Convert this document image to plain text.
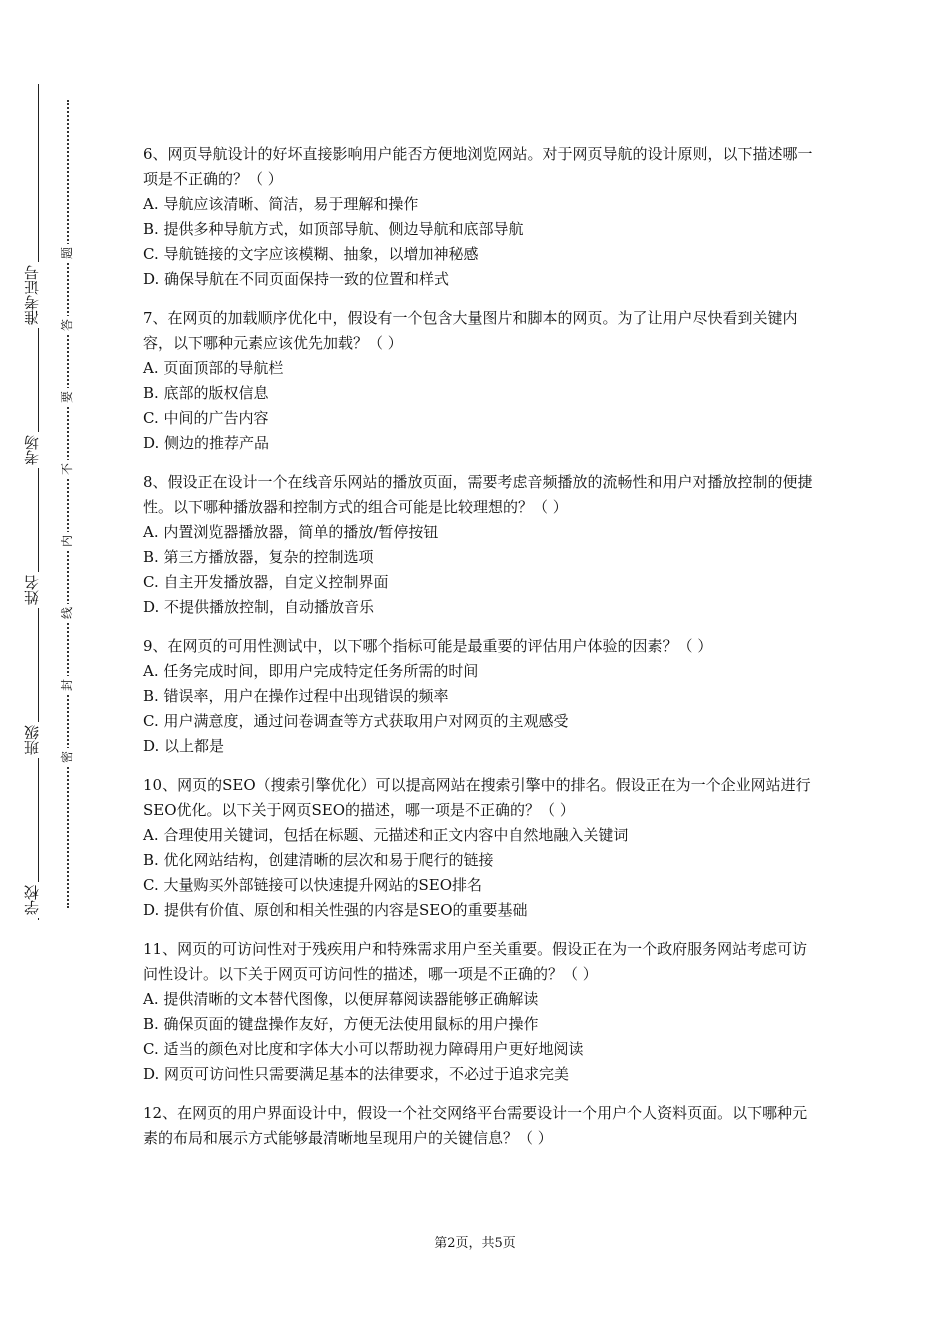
准考证号
考场
姓名
班级
学校
题
答
要
不
内
线
封
密

6、网页导航设计的好坏直接影响用户能否方便地浏览网站。对于网页导航的设计原则，以下描述哪一项是不正确的？（ ）

A. 导航应该清晰、简洁，易于理解和操作

B. 提供多种导航方式，如顶部导航、侧边导航和底部导航

C. 导航链接的文字应该模糊、抽象，以增加神秘感

D. 确保导航在不同页面保持一致的位置和样式

7、在网页的加载顺序优化中，假设有一个包含大量图片和脚本的网页。为了让用户尽快看到关键内容，以下哪种元素应该优先加载？（ ）

A. 页面顶部的导航栏

B. 底部的版权信息

C. 中间的广告内容

D. 侧边的推荐产品

8、假设正在设计一个在线音乐网站的播放页面，需要考虑音频播放的流畅性和用户对播放控制的便捷性。以下哪种播放器和控制方式的组合可能是比较理想的？（ ）

A. 内置浏览器播放器，简单的播放/暂停按钮

B. 第三方播放器，复杂的控制选项

C. 自主开发播放器，自定义控制界面

D. 不提供播放控制，自动播放音乐

9、在网页的可用性测试中，以下哪个指标可能是最重要的评估用户体验的因素？（ ）

A. 任务完成时间，即用户完成特定任务所需的时间

B. 错误率，用户在操作过程中出现错误的频率

C. 用户满意度，通过问卷调查等方式获取用户对网页的主观感受

D. 以上都是

10、网页的SEO（搜索引擎优化）可以提高网站在搜索引擎中的排名。假设正在为一个企业网站进行SEO优化。以下关于网页SEO的描述，哪一项是不正确的？（ ）

A. 合理使用关键词，包括在标题、元描述和正文内容中自然地融入关键词

B. 优化网站结构，创建清晰的层次和易于爬行的链接

C. 大量购买外部链接可以快速提升网站的SEO排名

D. 提供有价值、原创和相关性强的内容是SEO的重要基础

11、网页的可访问性对于残疾用户和特殊需求用户至关重要。假设正在为一个政府服务网站考虑可访问性设计。以下关于网页可访问性的描述，哪一项是不正确的？（ ）

A. 提供清晰的文本替代图像，以便屏幕阅读器能够正确解读

B. 确保页面的键盘操作友好，方便无法使用鼠标的用户操作

C. 适当的颜色对比度和字体大小可以帮助视力障碍用户更好地阅读

D. 网页可访问性只需要满足基本的法律要求，不必过于追求完美

12、在网页的用户界面设计中，假设一个社交网络平台需要设计一个用户个人资料页面。以下哪种元素的布局和展示方式能够最清晰地呈现用户的关键信息？（ ）

第2页，共5页
